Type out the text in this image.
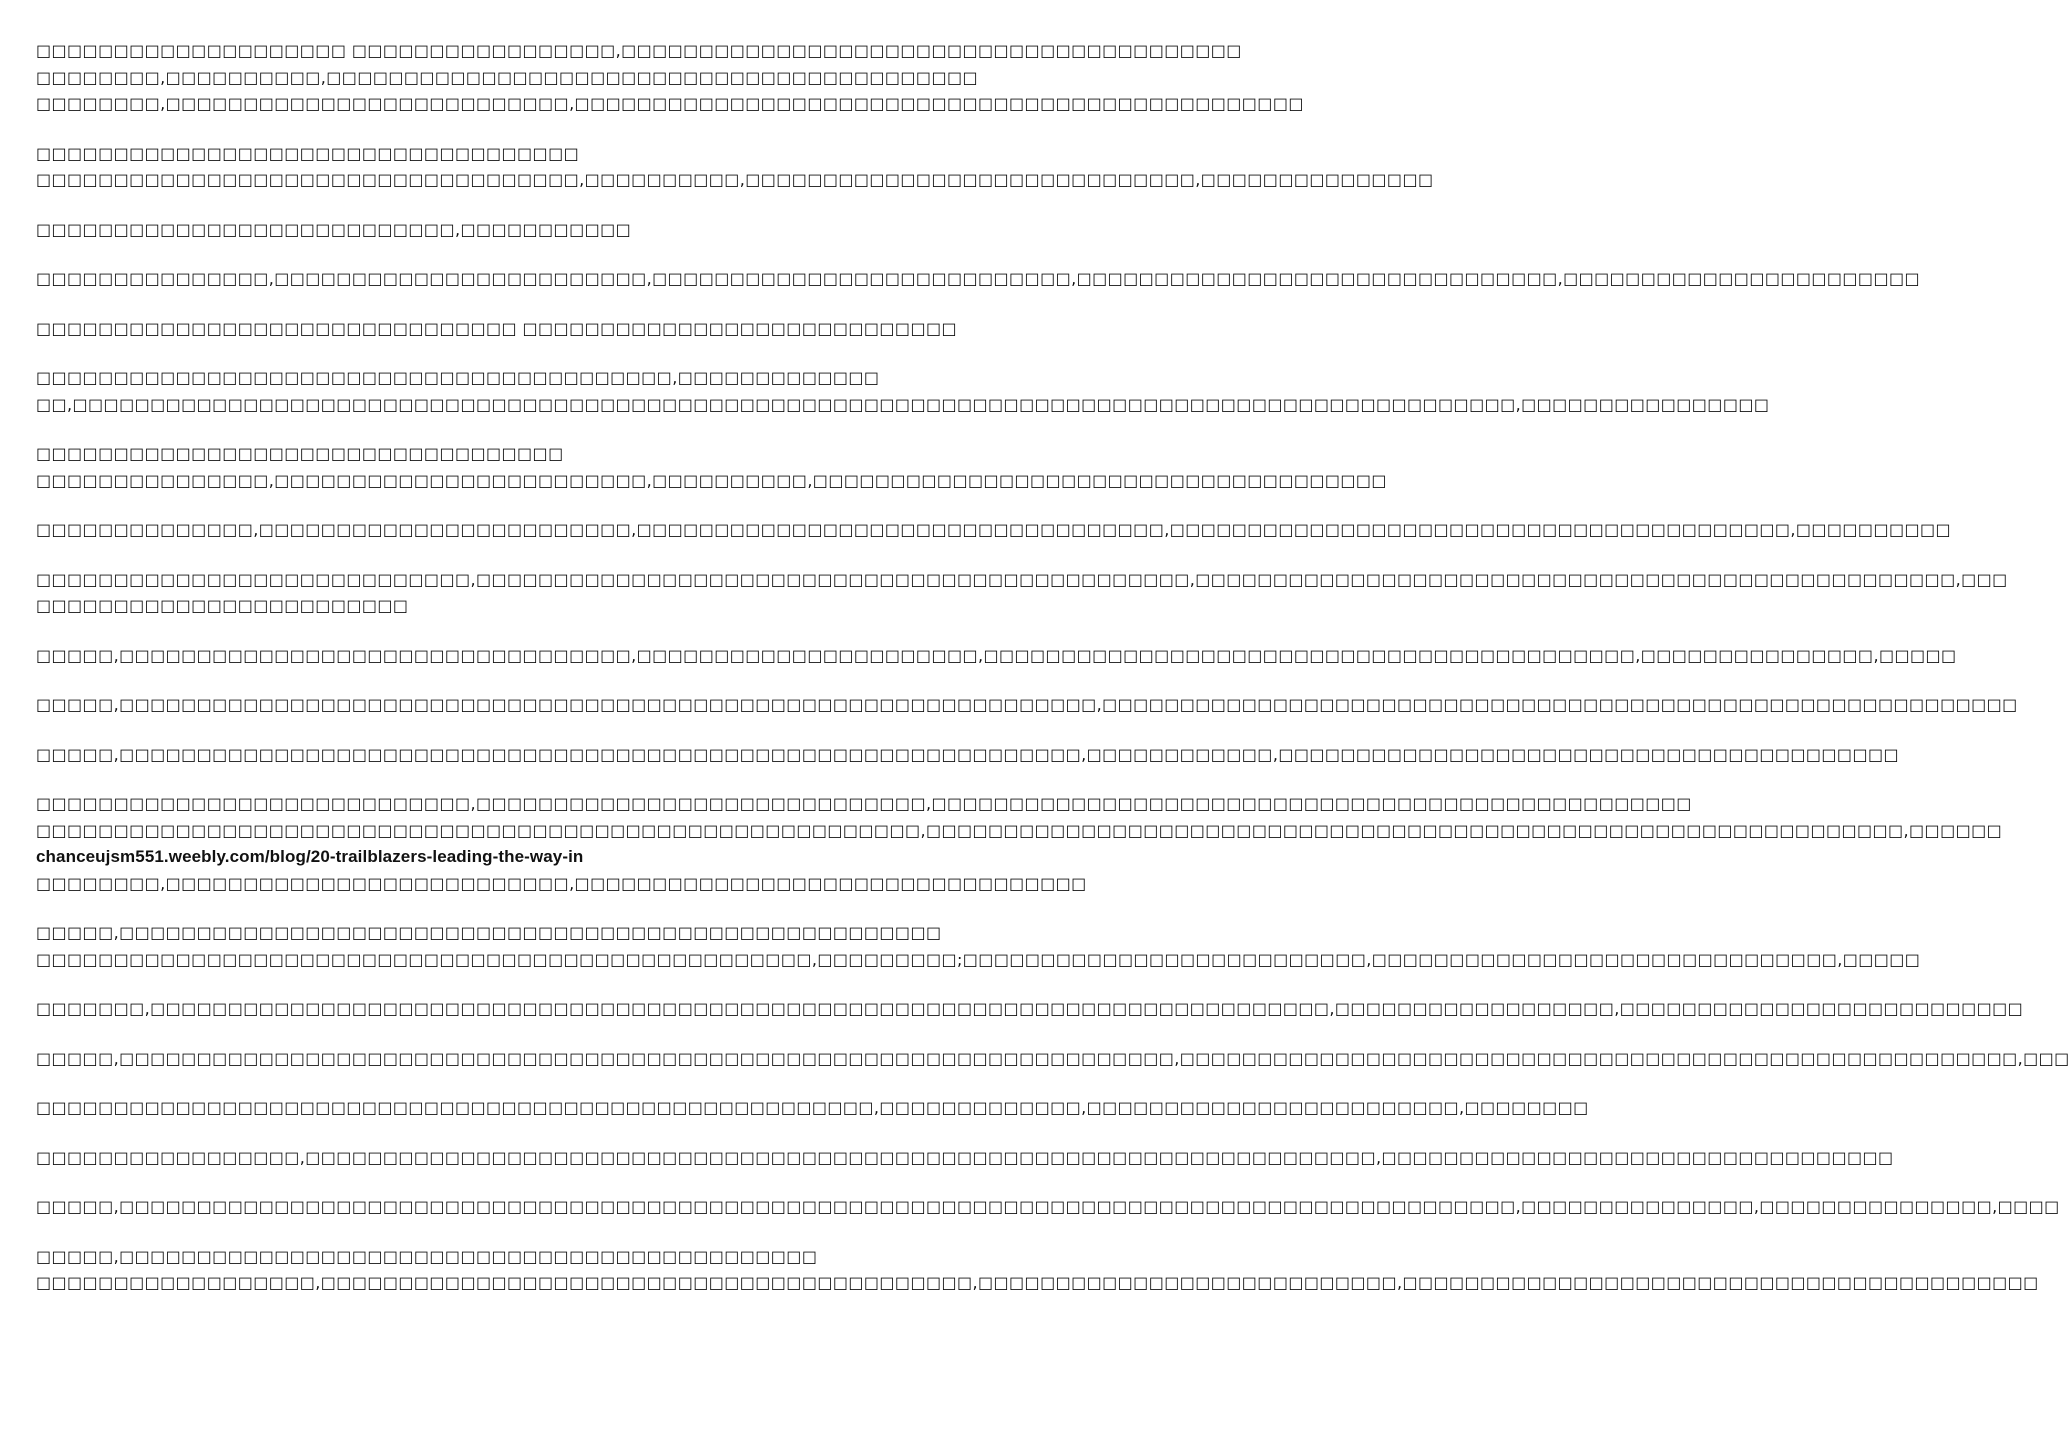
□□□□□□□□□□□□□□□□□□□□ □□□□□□□□□□□□□□□□□,□□□□□□□□□□□□□□□□□□□□□□□□□□□□□□□□□□□□□□□□
□□□□□□□□,□□□□□□□□□□,□□□□□□□□□□□□□□□□□□□□□□□□□□□□□□□□□□□□□□□□□□
□□□□□□□□,□□□□□□□□□□□□□□□□□□□□□□□□□□,□□□□□□□□□□□□□□□□□□□□□□□□□□□□□□□□□□□□□□□□□□□□□□□
□□□□□□□□□□□□□□□□□□□□□□□□□□□□□□□□□□□
□□□□□□□□□□□□□□□□□□□□□□□□□□□□□□□□□□□,□□□□□□□□□□,□□□□□□□□□□□□□□□□□□□□□□□□□□□□□,□□□□□□□□□□□□□□□
□□□□□□□□□□□□□□□□□□□□□□□□□□□,□□□□□□□□□□□
□□□□□□□□□□□□□□□,□□□□□□□□□□□□□□□□□□□□□□□□,□□□□□□□□□□□□□□□□□□□□□□□□□□□,□□□□□□□□□□□□□□□□□□□□□□□□□□□□□□□,□□□□□□□□□□□□□□□□□□□□□□□
□□□□□□□□□□□□□□□□□□□□□□□□□□□□□□□ □□□□□□□□□□□□□□□□□□□□□□□□□□□□
□□□□□□□□□□□□□□□□□□□□□□□□□□□□□□□□□□□□□□□□□,□□□□□□□□□□□□□
□□,□□□□□□□□□□□□□□□□□□□□□□□□□□□□□□□□□□□□□□□□□□□□□□□□□□□□□□□□□□□□□□□□□□□□□□□□□□□□□□□□□□□□□□□□□□□□□,□□□□□□□□□□□□□□□□
□□□□□□□□□□□□□□□□□□□□□□□□□□□□□□□□□□
□□□□□□□□□□□□□□□,□□□□□□□□□□□□□□□□□□□□□□□□,□□□□□□□□□□,□□□□□□□□□□□□□□□□□□□□□□□□□□□□□□□□□□□□□
□□□□□□□□□□□□□□,□□□□□□□□□□□□□□□□□□□□□□□□,□□□□□□□□□□□□□□□□□□□□□□□□□□□□□□□□□□,□□□□□□□□□□□□□□□□□□□□□□□□□□□□□□□□□□□□□□□□,□□□□□□□□□□
□□□□□□□□□□□□□□□□□□□□□□□□□□□□,□□□□□□□□□□□□□□□□□□□□□□□□□□□□□□□□□□□□□□□□□□□□□□,□□□□□□□□□□□□□□□□□□□□□□□□□□□□□□□□□□□□□□□□□□□□□□□□□,□□□
□□□□□□□□□□□□□□□□□□□□□□□□
□□□□□,□□□□□□□□□□□□□□□□□□□□□□□□□□□□□□□□□,□□□□□□□□□□□□□□□□□□□□□□,□□□□□□□□□□□□□□□□□□□□□□□□□□□□□□□□□□□□□□□□□□,□□□□□□□□□□□□□□□,□□□□□
□□□□□,□□□□□□□□□□□□□□□□□□□□□□□□□□□□□□□□□□□□□□□□□□□□□□□□□□□□□□□□□□□□□□□,□□□□□□□□□□□□□□□□□□□□□□□□□□□□□□□□□□□□□□□□□□□□□□□□□□□□□□□□□□□
□□□□□,□□□□□□□□□□□□□□□□□□□□□□□□□□□□□□□□□□□□□□□□□□□□□□□□□□□□□□□□□□□□□□,□□□□□□□□□□□□,□□□□□□□□□□□□□□□□□□□□□□□□□□□□□□□□□□□□□□□□
□□□□□□□□□□□□□□□□□□□□□□□□□□□□,□□□□□□□□□□□□□□□□□□□□□□□□□□□□□,□□□□□□□□□□□□□□□□□□□□□□□□□□□□□□□□□□□□□□□□□□□□□□□□□
□□□□□□□□□□□□□□□□□□□□□□□□□□□□□□□□□□□□□□□□□□□□□□□□□□□□□□□□□,□□□□□□□□□□□□□□□□□□□□□□□□□□□□□□□□□□□□□□□□□□□□□□□□□□□□□□□□□□□□□□□,□□□□□□
chanceujsm551.weebly.com/blog/20-trailblazers-leading-the-way-in
□□□□□□□□,□□□□□□□□□□□□□□□□□□□□□□□□□□,□□□□□□□□□□□□□□□□□□□□□□□□□□□□□□□□□
□□□□□,□□□□□□□□□□□□□□□□□□□□□□□□□□□□□□□□□□□□□□□□□□□□□□□□□□□□□
□□□□□□□□□□□□□□□□□□□□□□□□□□□□□□□□□□□□□□□□□□□□□□□□□□,□□□□□□□□□;□□□□□□□□□□□□□□□□□□□□□□□□□□,□□□□□□□□□□□□□□□□□□□□□□□□□□□□□□,□□□□□
□□□□□□□,□□□□□□□□□□□□□□□□□□□□□□□□□□□□□□□□□□□□□□□□□□□□□□□□□□□□□□□□□□□□□□□□□□□□□□□□□□□□,□□□□□□□□□□□□□□□□□□,□□□□□□□□□□□□□□□□□□□□□□□□□□
□□□□□,□□□□□□□□□□□□□□□□□□□□□□□□□□□□□□□□□□□□□□□□□□□□□□□□□□□□□□□□□□□□□□□□□□□□,□□□□□□□□□□□□□□□□□□□□□□□□□□□□□□□□□□□□□□□□□□□□□□□□□□□□□□,□□□
□□□□□□□□□□□□□□□□□□□□□□□□□□□□□□□□□□□□□□□□□□□□□□□□□□□□□□,□□□□□□□□□□□□□,□□□□□□□□□□□□□□□□□□□□□□□□,□□□□□□□□
□□□□□□□□□□□□□□□□□,□□□□□□□□□□□□□□□□□□□□□□□□□□□□□□□□□□□□□□□□□□□□□□□□□□□□□□□□□□□□□□□□□□□□□,□□□□□□□□□□□□□□□□□□□□□□□□□□□□□□□□□
□□□□□,□□□□□□□□□□□□□□□□□□□□□□□□□□□□□□□□□□□□□□□□□□□□□□□□□□□□□□□□□□□□□□□□□□□□□□□□□□□□□□□□□□□□□□□□□□,□□□□□□□□□□□□□□□,□□□□□□□□□□□□□□□,□□□□
□□□□□,□□□□□□□□□□□□□□□□□□□□□□□□□□□□□□□□□□□□□□□□□□□□□
□□□□□□□□□□□□□□□□□□,□□□□□□□□□□□□□□□□□□□□□□□□□□□□□□□□□□□□□□□□□□,□□□□□□□□□□□□□□□□□□□□□□□□□□□,□□□□□□□□□□□□□□□□□□□□□□□□□□□□□□□□□□□□□□□□□
